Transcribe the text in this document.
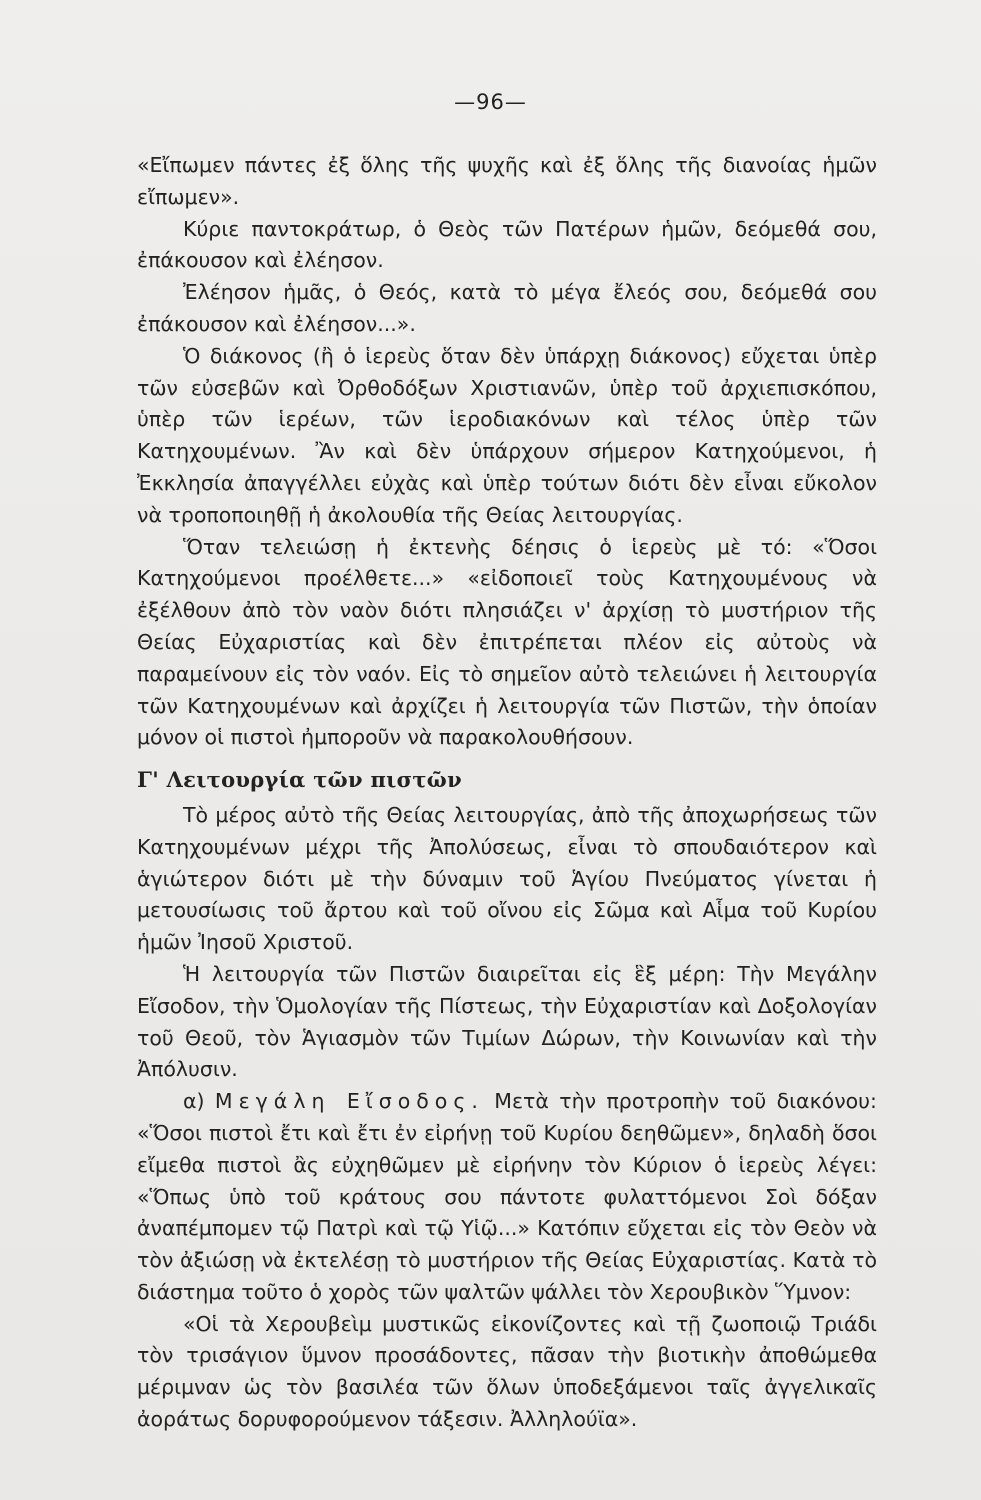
—96—

«Εἴπωμεν πάντες ἐξ ὅλης τῆς ψυχῆς καὶ ἐξ ὅλης τῆς διανοίας ἡμῶν εἴπωμεν».

Κύριε παντοκράτωρ, ὁ Θεὸς τῶν Πατέρων ἡμῶν, δεόμεθά σου, ἐπάκουσον καὶ ἐλέησον.

Ἐλέησον ἡμᾶς, ὁ Θεός, κατὰ τὸ μέγα ἔλεός σου, δεόμεθά σου ἐπάκουσον καὶ ἐλέησον...».

Ὁ διάκονος (ἢ ὁ ἱερεὺς ὅταν δὲν ὑπάρχῃ διάκονος) εὔχεται ὑπὲρ τῶν εὐσεβῶν καὶ Ὀρθοδόξων Χριστιανῶν, ὑπὲρ τοῦ ἀρχιεπισκόπου, ὑπὲρ τῶν ἱερέων, τῶν ἱεροδιακόνων καὶ τέλος ὑπὲρ τῶν Κατηχουμένων. Ἂν καὶ δὲν ὑπάρχουν σήμερον Κατηχούμενοι, ἡ Ἐκκλησία ἀπαγγέλλει εὐχὰς καὶ ὑπὲρ τούτων διότι δὲν εἶναι εὔκολον νὰ τροποποιηθῇ ἡ ἀκολουθία τῆς Θείας λειτουργίας.

Ὅταν τελειώσῃ ἡ ἐκτενὴς δέησις ὁ ἱερεὺς μὲ τό: «Ὅσοι Κατηχούμενοι προέλθετε...» «εἰδοποιεῖ τοὺς Κατηχουμένους νὰ ἐξέλθουν ἀπὸ τὸν ναὸν διότι πλησιάζει ν' ἀρχίσῃ τὸ μυστήριον τῆς Θείας Εὐχαριστίας καὶ δὲν ἐπιτρέπεται πλέον εἰς αὐτοὺς νὰ παραμείνουν εἰς τὸν ναόν. Εἰς τὸ σημεῖον αὐτὸ τελειώνει ἡ λειτουργία τῶν Κατηχουμένων καὶ ἀρχίζει ἡ λειτουργία τῶν Πιστῶν, τὴν ὁποίαν μόνον οἱ πιστοὶ ἠμποροῦν νὰ παρακολουθήσουν.

Γ' Λειτουργία τῶν πιστῶν

Τὸ μέρος αὐτὸ τῆς Θείας λειτουργίας, ἀπὸ τῆς ἀποχωρήσεως τῶν Κατηχουμένων μέχρι τῆς Ἀπολύσεως, εἶναι τὸ σπουδαιότερον καὶ ἁγιώτερον διότι μὲ τὴν δύναμιν τοῦ Ἁγίου Πνεύματος γίνεται ἡ μετουσίωσις τοῦ ἄρτου καὶ τοῦ οἴνου εἰς Σῶμα καὶ Αἷμα τοῦ Κυρίου ἡμῶν Ἰησοῦ Χριστοῦ.

Ἡ λειτουργία τῶν Πιστῶν διαιρεῖται εἰς ἓξ μέρη: Τὴν Μεγάλην Εἴσοδον, τὴν Ὁμολογίαν τῆς Πίστεως, τὴν Εὐχαριστίαν καὶ Δοξολογίαν τοῦ Θεοῦ, τὸν Ἁγιασμὸν τῶν Τιμίων Δώρων, τὴν Κοινωνίαν καὶ τὴν Ἀπόλυσιν.

α) Μεγάλη Εἴσοδος. Μετὰ τὴν προτροπὴν τοῦ διακόνου: «Ὅσοι πιστοὶ ἔτι καὶ ἔτι ἐν εἰρήνῃ τοῦ Κυρίου δεηθῶμεν», δηλαδὴ ὅσοι εἴμεθα πιστοὶ ἂς εὐχηθῶμεν μὲ εἰρήνην τὸν Κύριον ὁ ἱερεὺς λέγει: «Ὅπως ὑπὸ τοῦ κράτους σου πάντοτε φυλαττόμενοι Σοὶ δόξαν ἀναπέμπομεν τῷ Πατρὶ καὶ τῷ Υἱῷ...» Κατόπιν εὔχεται εἰς τὸν Θεὸν νὰ τὸν ἀξιώσῃ νὰ ἐκτελέσῃ τὸ μυστήριον τῆς Θείας Εὐχαριστίας. Κατὰ τὸ διάστημα τοῦτο ὁ χορὸς τῶν ψαλτῶν ψάλλει τὸν Χερουβικὸν Ὕμνον:

«Οἱ τὰ Χερουβεὶμ μυστικῶς εἰκονίζοντες καὶ τῇ ζωοποιῷ Τριάδι τὸν τρισάγιον ὕμνον προσάδοντες, πᾶσαν τὴν βιοτικὴν ἀποθώμεθα μέριμναν ὡς τὸν βασιλέα τῶν ὅλων ὑποδεξάμενοι ταῖς ἀγγελικαῖς ἀοράτως δορυφορούμενον τάξεσιν. Ἀλληλούϊα».
